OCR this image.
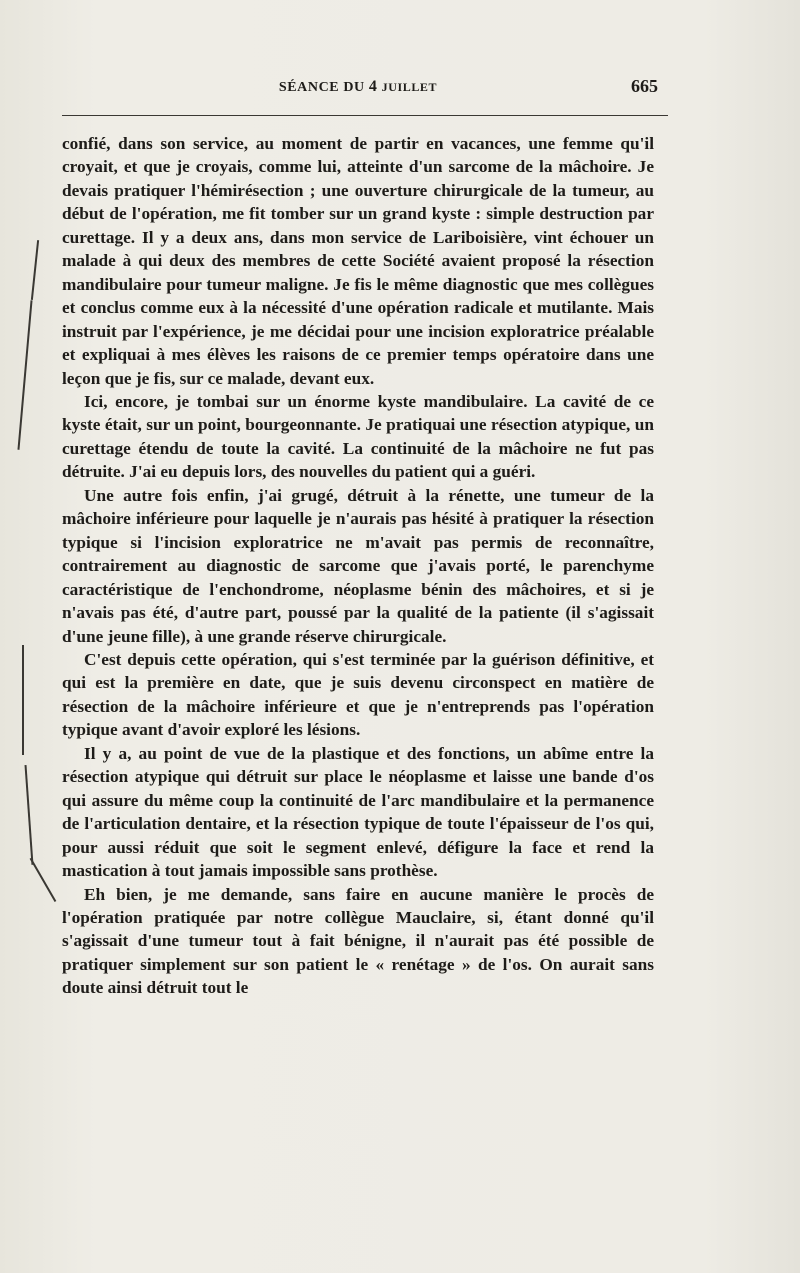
SÉANCE DU 4 JUILLET	665

confié, dans son service, au moment de partir en vacances, une femme qu'il croyait, et que je croyais, comme lui, atteinte d'un sarcome de la mâchoire. Je devais pratiquer l'hémirésection ; une ouverture chirurgicale de la tumeur, au début de l'opération, me fit tomber sur un grand kyste : simple destruction par curettage. Il y a deux ans, dans mon service de Lariboisière, vint échouer un malade à qui deux des membres de cette Société avaient proposé la résection mandibulaire pour tumeur maligne. Je fis le même diagnostic que mes collègues et conclus comme eux à la nécessité d'une opération radicale et mutilante. Mais instruit par l'expérience, je me décidai pour une incision exploratrice préalable et expliquai à mes élèves les raisons de ce premier temps opératoire dans une leçon que je fis, sur ce malade, devant eux.

Ici, encore, je tombai sur un énorme kyste mandibulaire. La cavité de ce kyste était, sur un point, bourgeonnante. Je pratiquai une résection atypique, un curettage étendu de toute la cavité. La continuité de la mâchoire ne fut pas détruite. J'ai eu depuis lors, des nouvelles du patient qui a guéri.

Une autre fois enfin, j'ai grugé, détruit à la rénette, une tumeur de la mâchoire inférieure pour laquelle je n'aurais pas hésité à pratiquer la résection typique si l'incision exploratrice ne m'avait pas permis de reconnaître, contrairement au diagnostic de sarcome que j'avais porté, le parenchyme caractéristique de l'enchondrome, néoplasme bénin des mâchoires, et si je n'avais pas été, d'autre part, poussé par la qualité de la patiente (il s'agissait d'une jeune fille), à une grande réserve chirurgicale.

C'est depuis cette opération, qui s'est terminée par la guérison définitive, et qui est la première en date, que je suis devenu circonspect en matière de résection de la mâchoire inférieure et que je n'entreprends pas l'opération typique avant d'avoir exploré les lésions.

Il y a, au point de vue de la plastique et des fonctions, un abîme entre la résection atypique qui détruit sur place le néoplasme et laisse une bande d'os qui assure du même coup la continuité de l'arc mandibulaire et la permanence de l'articulation dentaire, et la résection typique de toute l'épaisseur de l'os qui, pour aussi réduit que soit le segment enlevé, défigure la face et rend la mastication à tout jamais impossible sans prothèse.

Eh bien, je me demande, sans faire en aucune manière le procès de l'opération pratiquée par notre collègue Mauclaire, si, étant donné qu'il s'agissait d'une tumeur tout à fait bénigne, il n'aurait pas été possible de pratiquer simplement sur son patient le « renétage » de l'os. On aurait sans doute ainsi détruit tout le
